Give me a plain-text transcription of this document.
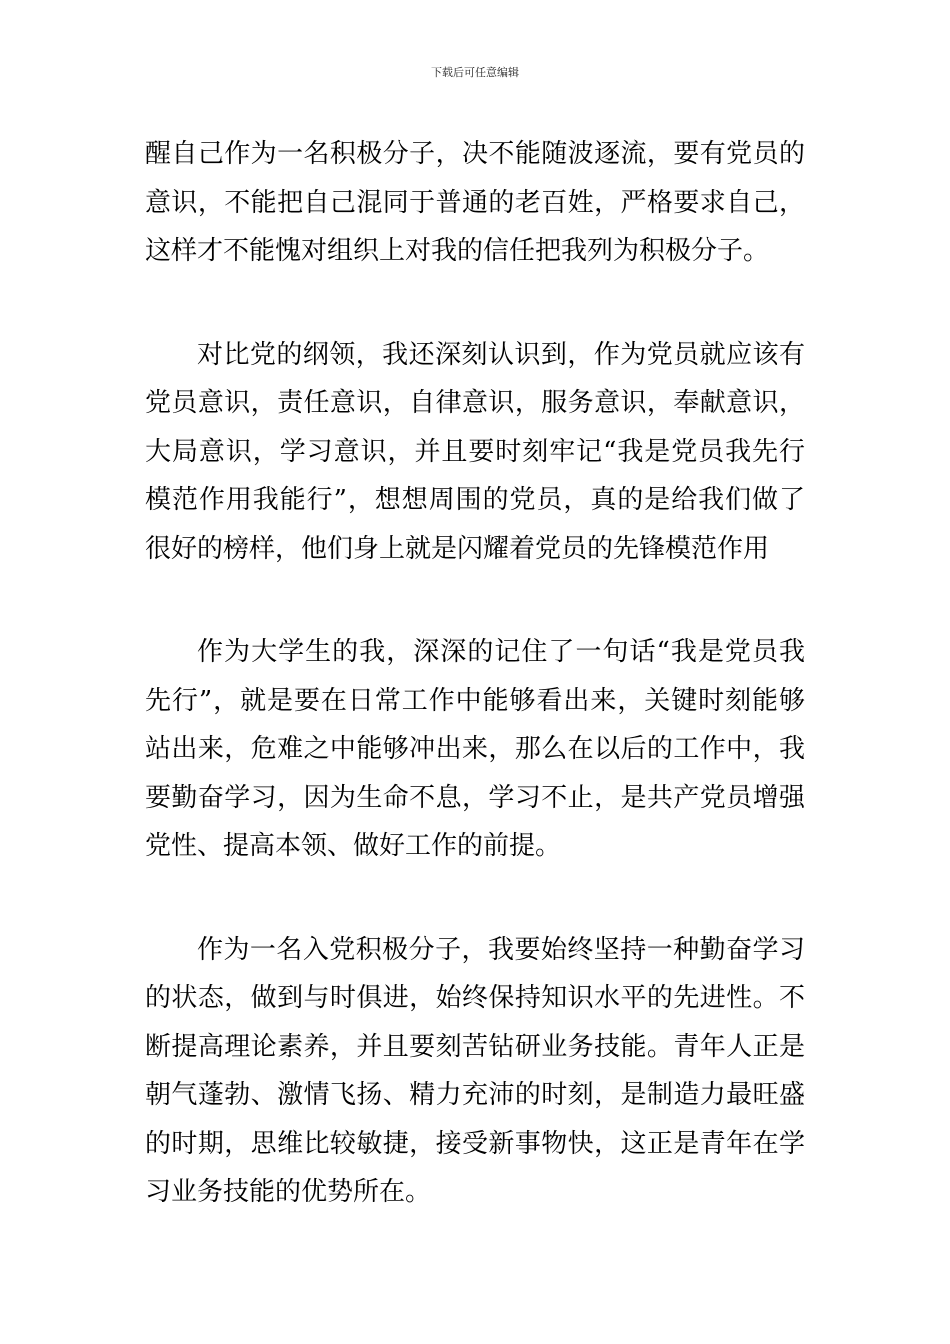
下载后可任意编辑
醒自己作为一名积极分子，决不能随波逐流，要有党员的
意识，不能把自己混同于普通的老百姓，严格要求自己，
这样才不能愧对组织上对我的信任把我列为积极分子。
对比党的纲领，我还深刻认识到，作为党员就应该有
党员意识，责任意识，自律意识，服务意识，奉献意识，
大局意识，学习意识，并且要时刻牢记“我是党员我先行
模范作用我能行”，想想周围的党员，真的是给我们做了
很好的榜样，他们身上就是闪耀着党员的先锋模范作用
作为大学生的我，深深的记住了一句话“我是党员我
先行”，就是要在日常工作中能够看出来，关键时刻能够
站出来，危难之中能够冲出来，那么在以后的工作中，我
要勤奋学习，因为生命不息，学习不止，是共产党员增强
党性、提高本领、做好工作的前提。
作为一名入党积极分子，我要始终坚持一种勤奋学习
的状态，做到与时俱进，始终保持知识水平的先进性。不
断提高理论素养，并且要刻苦钻研业务技能。青年人正是
朝气蓬勃、激情飞扬、精力充沛的时刻，是制造力最旺盛
的时期，思维比较敏捷，接受新事物快，这正是青年在学
习业务技能的优势所在。
